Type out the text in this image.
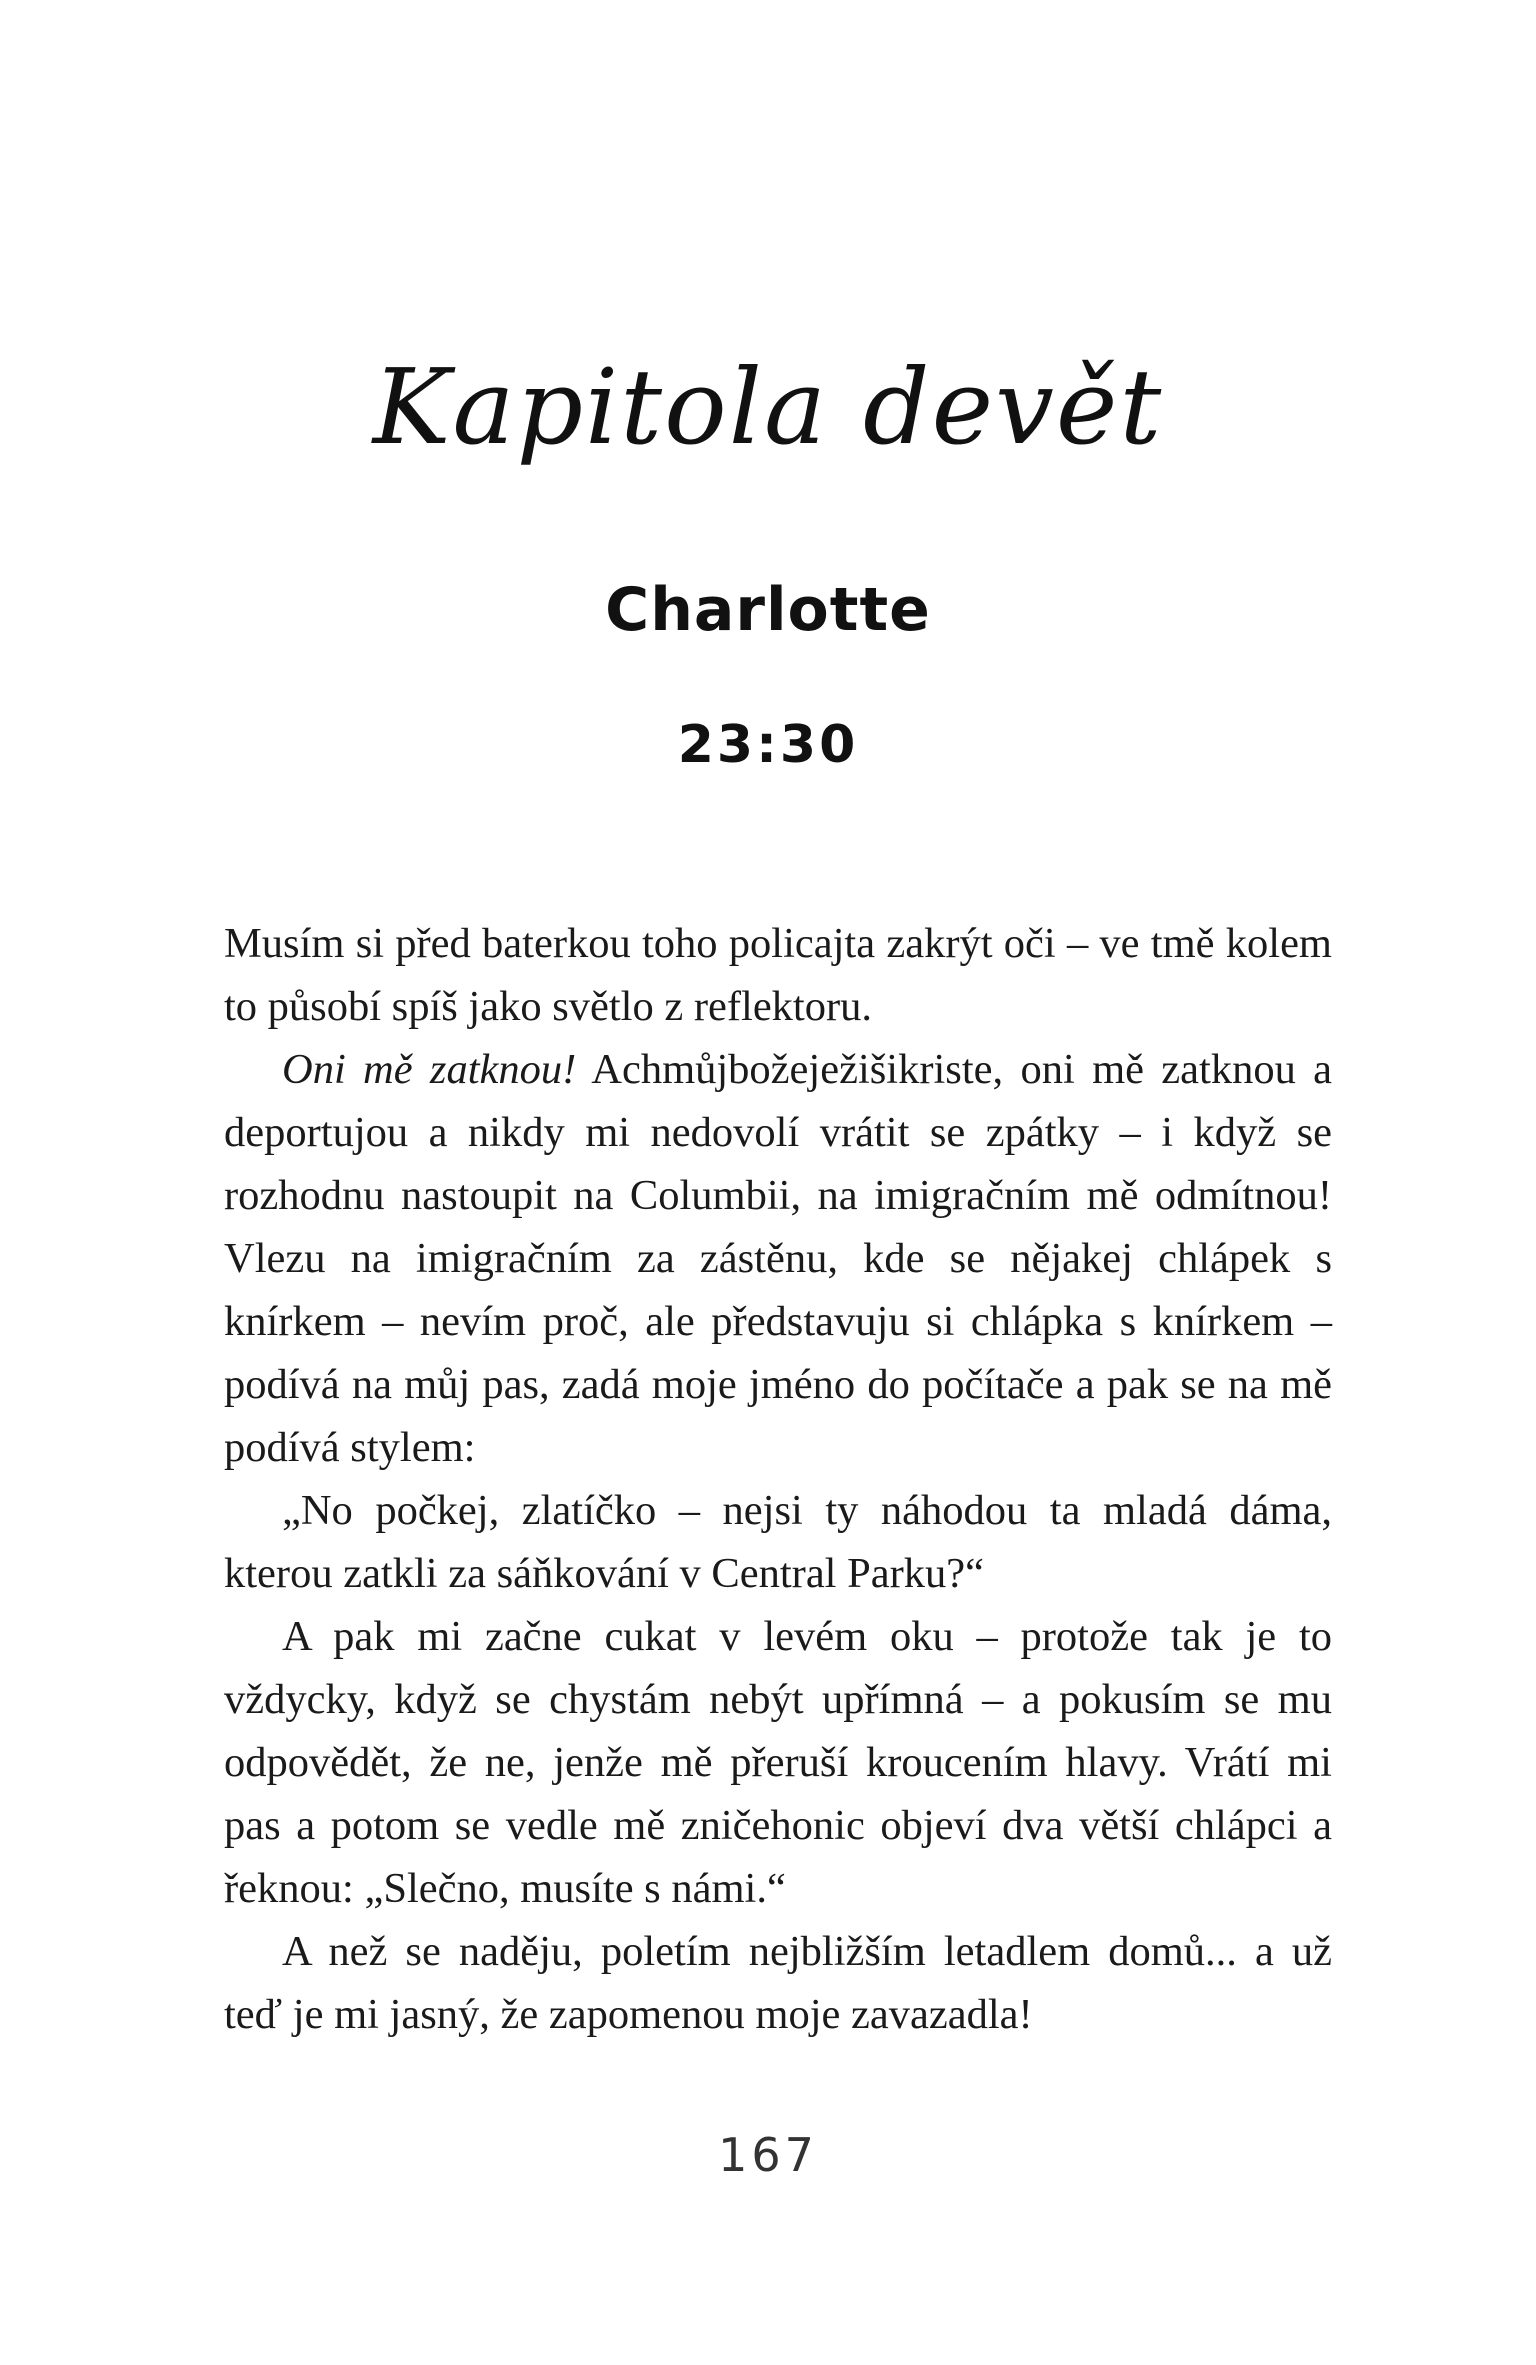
Kapitola devět
Charlotte
23:30

Musím si před baterkou toho policajta zakrýt oči – ve tmě kolem to působí spíš jako světlo z reflektoru.

Oni mě zatknou! Achmůjbožeježišikriste, oni mě zatknou a deportujou a nikdy mi nedovolí vrátit se zpátky – i když se rozhodnu nastoupit na Columbii, na imigračním mě odmítnou! Vlezu na imigračním za zástěnu, kde se nějakej chlápek s knírkem – nevím proč, ale představuju si chlápka s knírkem – podívá na můj pas, zadá moje jméno do počítače a pak se na mě podívá stylem:

„No počkej, zlatíčko – nejsi ty náhodou ta mladá dáma, kterou zatkli za sáňkování v Central Parku?“

A pak mi začne cukat v levém oku – protože tak je to vždycky, když se chystám nebýt upřímná – a pokusím se mu odpovědět, že ne, jenže mě přeruší kroucením hlavy. Vrátí mi pas a potom se vedle mě zničehonic objeví dva větší chlápci a řeknou: „Slečno, musíte s námi.“

A než se naděju, poletím nejbližším letadlem domů... a už teď je mi jasný, že zapomenou moje zavazadla!

167
